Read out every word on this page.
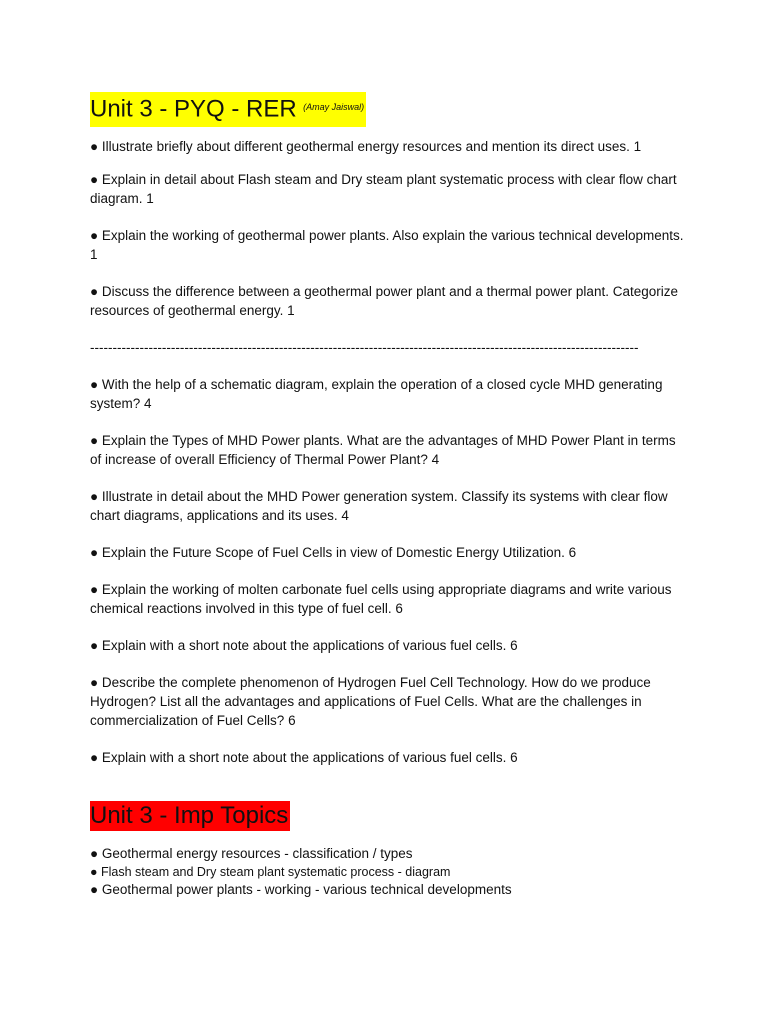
Unit 3 - PYQ - RER $^{(Amay Jaiswal)}$

● Illustrate briefly about different geothermal energy resources and mention its direct uses. 1

● Explain in detail about Flash steam and Dry steam plant systematic process with clear flow chart diagram. 1

● Explain the working of geothermal power plants. Also explain the various technical developments. 1

● Discuss the difference between a geothermal power plant and a thermal power plant. Categorize resources of geothermal energy. 1

--------------------------------------------------------------------------------------------------------------------------

● With the help of a schematic diagram, explain the operation of a closed cycle MHD generating system? 4

● Explain the Types of MHD Power plants. What are the advantages of MHD Power Plant in terms of increase of overall Efficiency of Thermal Power Plant? 4

● Illustrate in detail about the MHD Power generation system. Classify its systems with clear flow chart diagrams, applications and its uses. 4

● Explain the Future Scope of Fuel Cells in view of Domestic Energy Utilization. 6

● Explain the working of molten carbonate fuel cells using appropriate diagrams and write various chemical reactions involved in this type of fuel cell. 6

● Explain with a short note about the applications of various fuel cells. 6

● Describe the complete phenomenon of Hydrogen Fuel Cell Technology. How do we produce Hydrogen? List all the advantages and applications of Fuel Cells. What are the challenges in commercialization of Fuel Cells? 6

● Explain with a short note about the applications of various fuel cells. 6

Unit 3 - Imp Topics

● Geothermal energy resources - classification / types

● Flash steam and Dry steam plant systematic process - diagram

● Geothermal power plants - working - various technical developments
